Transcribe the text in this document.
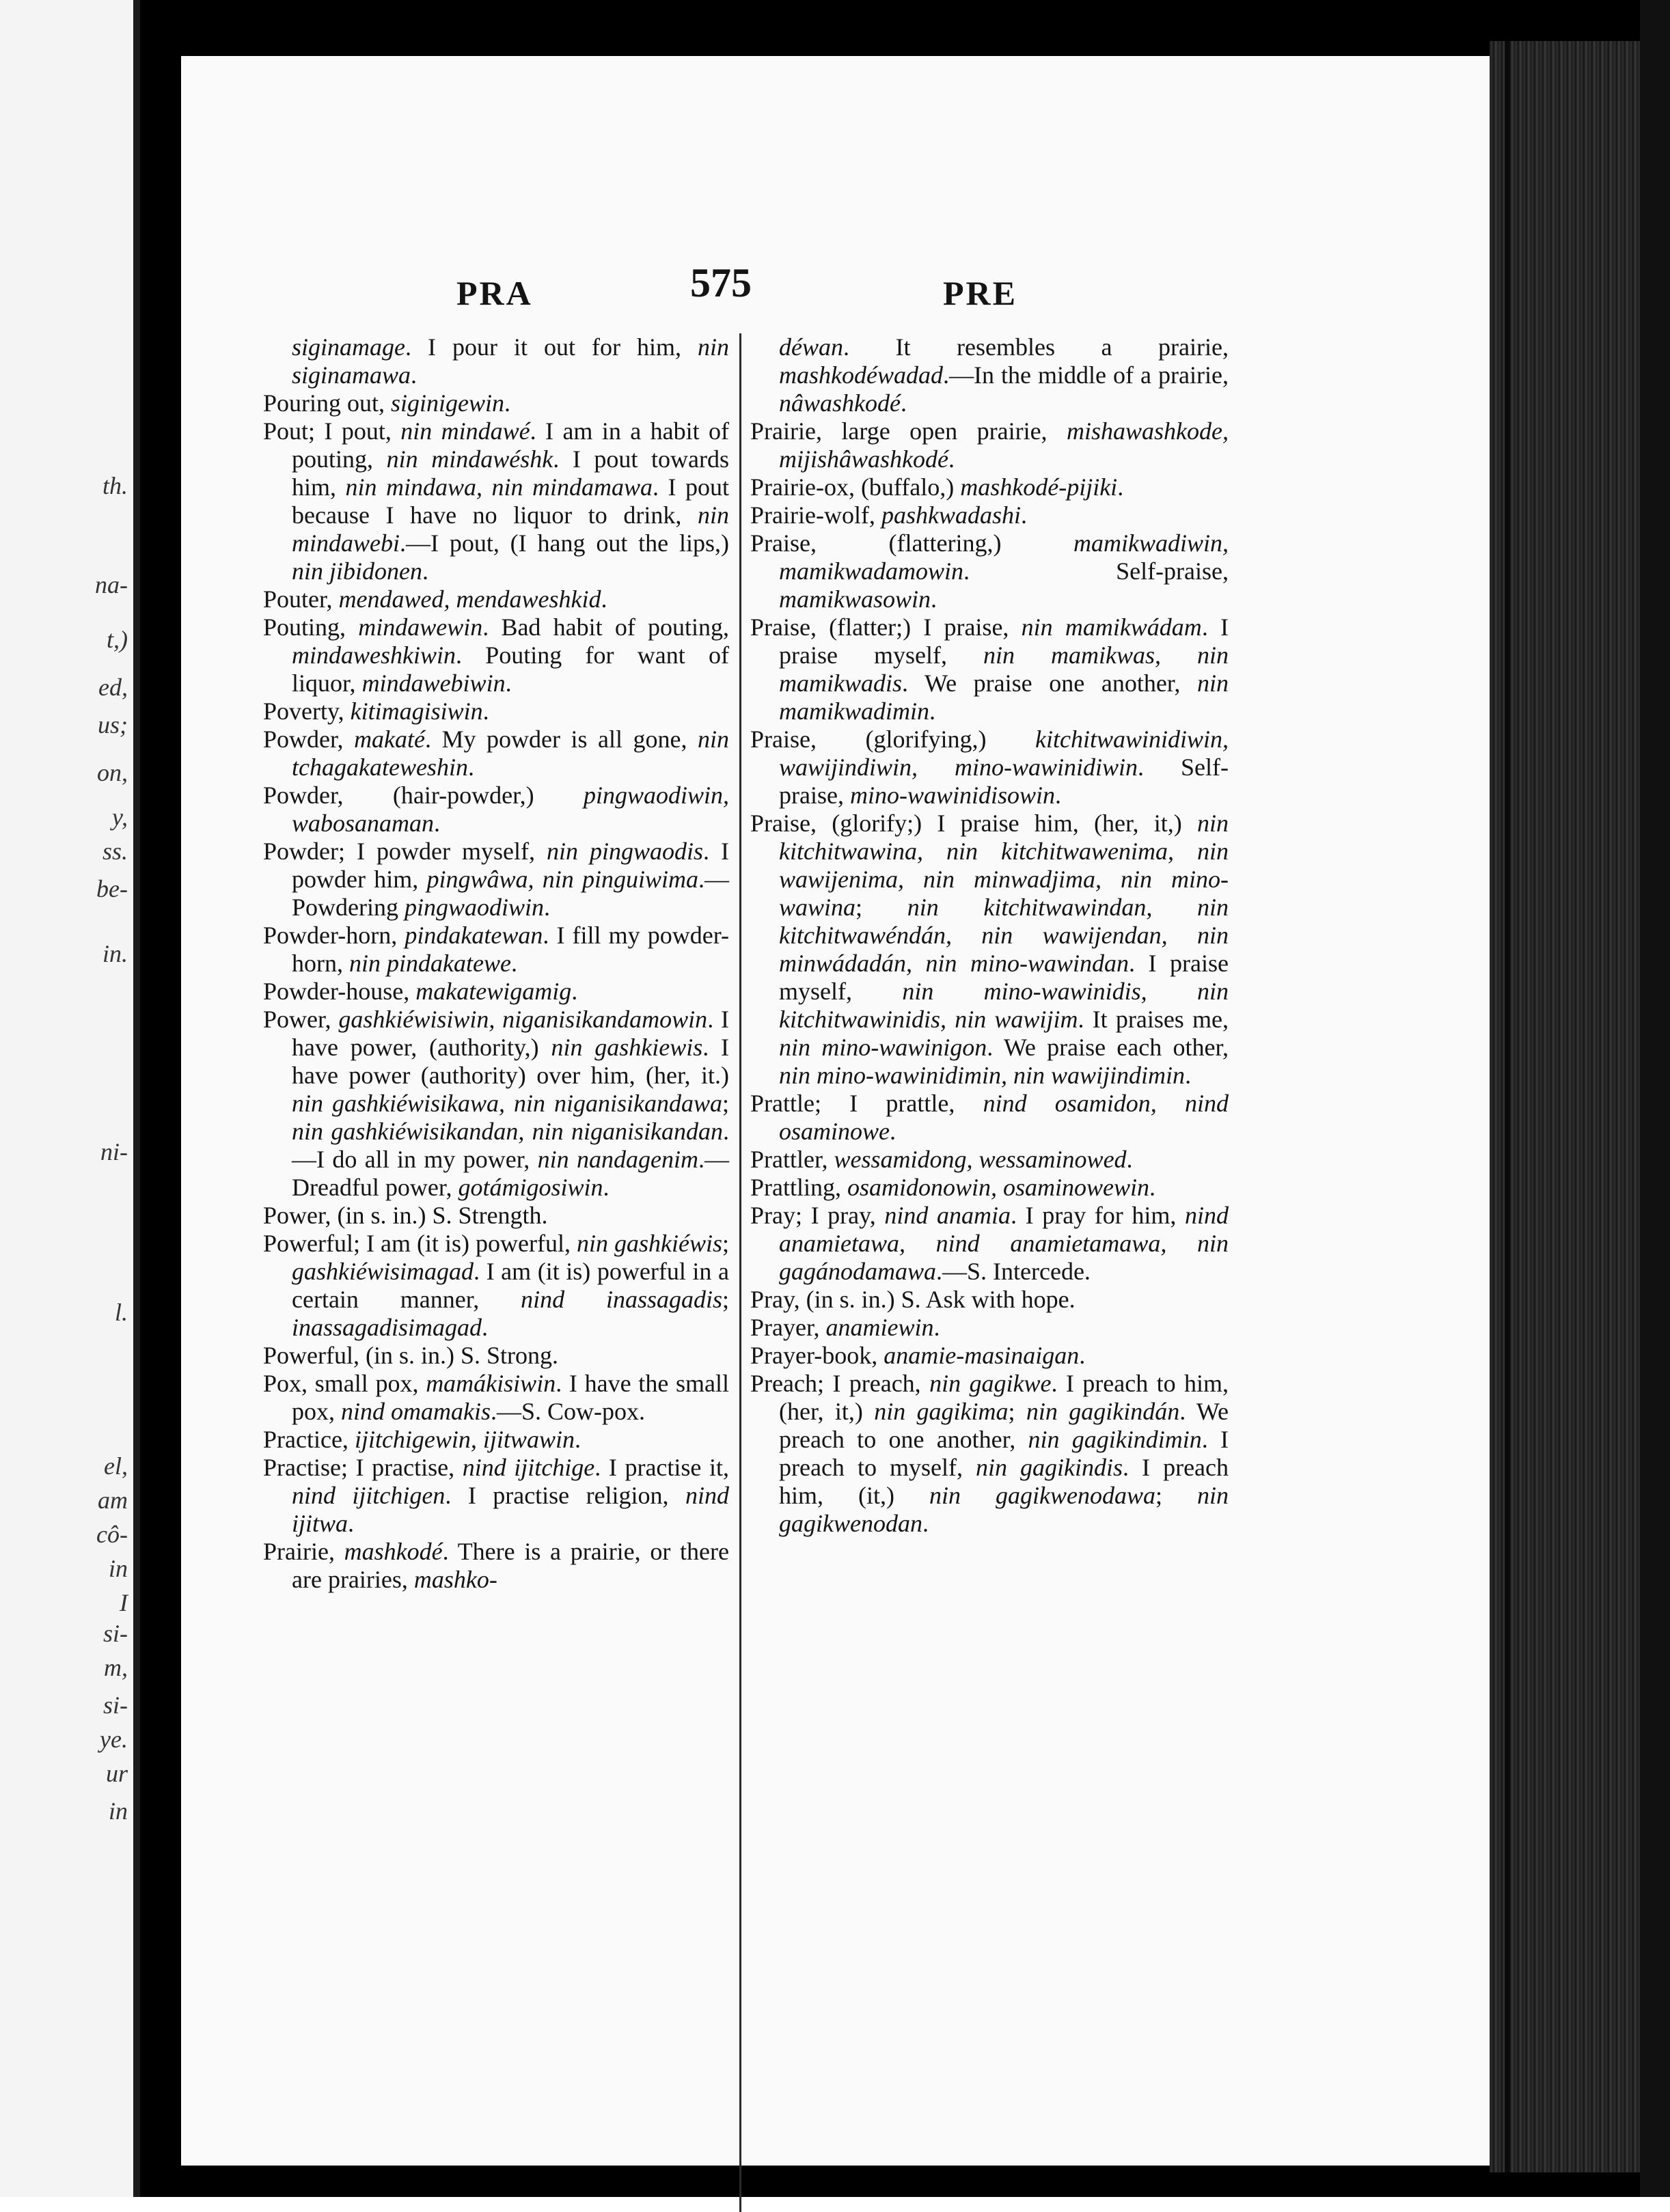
th.
na-
t,)
ed,
us;
on,
y,
ss.
be-
in.
ni-
l.
el,
am
cô-
in
I
si-
m,
si-
ye.
ur
in
PRA	575	PRE
siginamage. I pour it out for him, nin siginamawa.
Pouring out, siginigewin.
Pout; I pout, nin mindawé. I am in a habit of pouting, nin mindawéshk. I pout towards him, nin mindawa, nin mindamawa. I pout because I have no liquor to drink, nin mindawebi.—I pout, (I hang out the lips,) nin jibidonen.
Pouter, mendawed, mendaweshkid.
Pouting, mindawewin. Bad habit of pouting, mindaweshkiwin. Pouting for want of liquor, mindawebiwin.
Poverty, kitimagisiwin.
Powder, makaté. My powder is all gone, nin tchagakateweshin.
Powder, (hair-powder,) pingwaodiwin, wabosanaman.
Powder; I powder myself, nin pingwaodis. I powder him, pingwâwa, nin pinguiwima.—Powdering pingwaodiwin.
Powder-horn, pindakatewan. I fill my powder-horn, nin pindakatewe.
Powder-house, makatewigamig.
Power, gashkiéwisiwin, niganisikandamowin. I have power, (authority,) nin gashkiewis. I have power (authority) over him, (her, it.) nin gashkiéwisikawa, nin niganisikandawa; nin gashkiéwisikandan, nin niganisikandan.—I do all in my power, nin nandagenim.—Dreadful power, gotámigosiwin.
Power, (in s. in.) S. Strength.
Powerful; I am (it is) powerful, nin gashkiéwis; gashkiéwisimagad. I am (it is) powerful in a certain manner, nind inassagadis; inassagadisimagad.
Powerful, (in s. in.) S. Strong.
Pox, small pox, mamákisiwin. I have the small pox, nind omamakis.—S. Cow-pox.
Practice, ijitchigewin, ijitwawin.
Practise; I practise, nind ijitchige. I practise it, nind ijitchigen. I practise religion, nind ijitwa.
Prairie, mashkodé. There is a prairie, or there are prairies, mashko-
déwan. It resembles a prairie, mashkodéwadad.—In the middle of a prairie, nâwashkodé.
Prairie, large open prairie, mishawashkode, mijishâwashkodé.
Prairie-ox, (buffalo,) mashkodé-pijiki.
Prairie-wolf, pashkwadashi.
Praise, (flattering,) mamikwadiwin, mamikwadamowin. Self-praise, mamikwasowin.
Praise, (flatter;) I praise, nin mamikwádam. I praise myself, nin mamikwas, nin mamikwadis. We praise one another, nin mamikwadimin.
Praise, (glorifying,) kitchitwawinidiwin, wawijindiwin, mino-wawinidiwin. Self-praise, mino-wawinidisowin.
Praise, (glorify;) I praise him, (her, it,) nin kitchitwawina, nin kitchitwawenima, nin wawijenima, nin minwadjima, nin mino-wawina; nin kitchitwawindan, nin kitchitwawéndán, nin wawijendan, nin minwádadán, nin mino-wawindan. I praise myself, nin mino-wawinidis, nin kitchitwawinidis, nin wawijim. It praises me, nin mino-wawinigon. We praise each other, nin mino-wawinidimin, nin wawijindimin.
Prattle; I prattle, nind osamidon, nind osaminowe.
Prattler, wessamidong, wessaminowed.
Prattling, osamidonowin, osaminowewin.
Pray; I pray, nind anamia. I pray for him, nind anamietawa, nind anamietamawa, nin gagánodamawa.—S. Intercede.
Pray, (in s. in.) S. Ask with hope.
Prayer, anamiewin.
Prayer-book, anamie-masinaigan.
Preach; I preach, nin gagikwe. I preach to him, (her, it,) nin gagikima; nin gagikindán. We preach to one another, nin gagikindimin. I preach to myself, nin gagikindis. I preach him, (it,) nin gagikwenodawa; nin gagikwenodan.
